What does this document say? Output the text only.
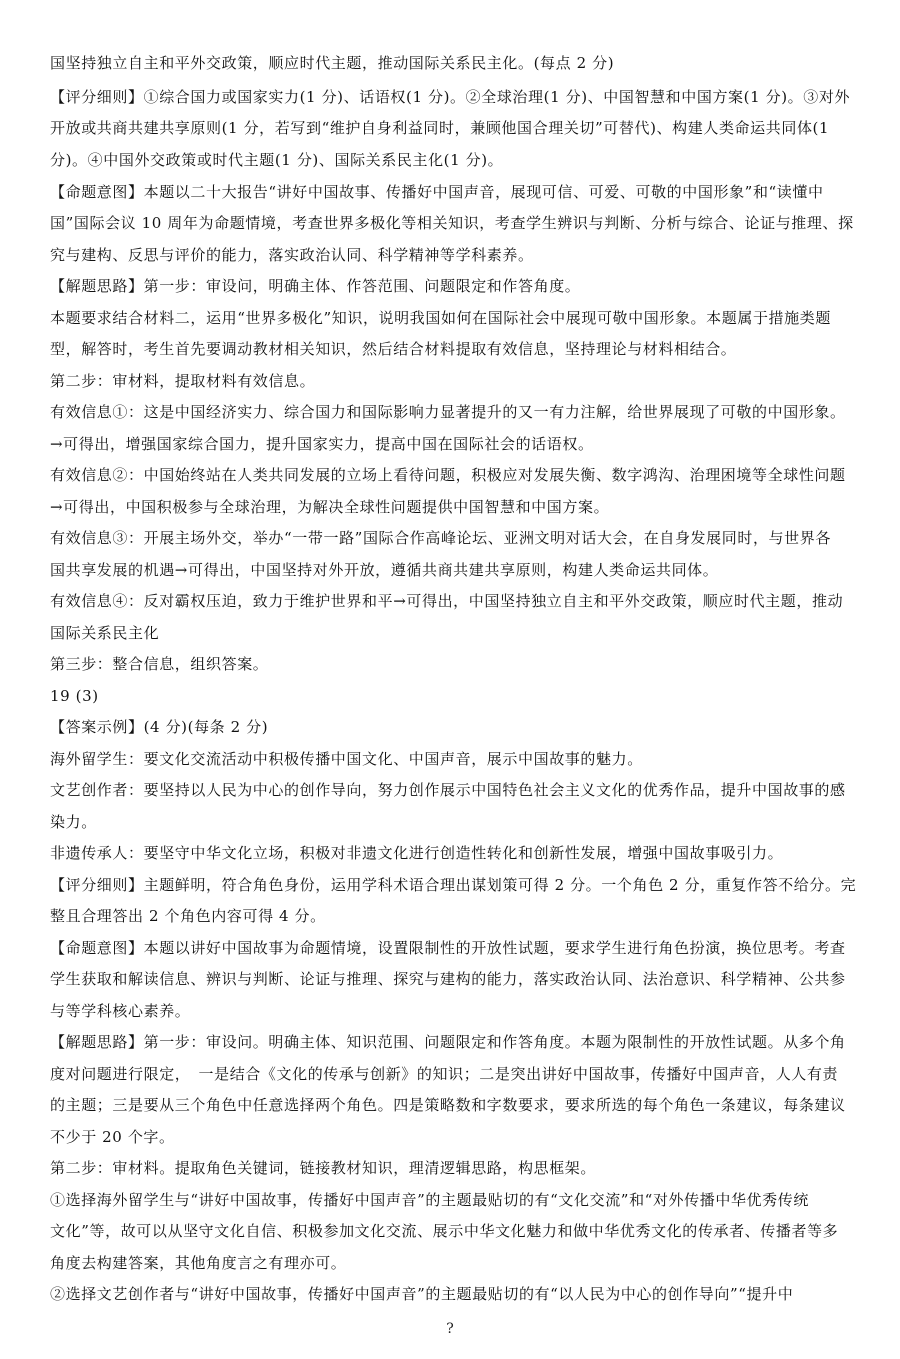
国坚持独立自主和平外交政策，顺应时代主题，推动国际关系民主化。(每点 2 分)
【评分细则】①综合国力或国家实力(1 分)、话语权(1 分)。②全球治理(1 分)、中国智慧和中国方案(1 分)。③对外
开放或共商共建共享原则(1 分，若写到“维护自身利益同时，兼顾他国合理关切”可替代)、构建人类命运共同体(1
分)。④中国外交政策或时代主题(1 分)、国际关系民主化(1 分)。
【命题意图】本题以二十大报告“讲好中国故事、传播好中国声音，展现可信、可爱、可敬的中国形象”和“读懂中
国”国际会议 10 周年为命题情境，考查世界多极化等相关知识，考查学生辨识与判断、分析与综合、论证与推理、探
究与建构、反思与评价的能力，落实政治认同、科学精神等学科素养。
【解题思路】第一步：审设问，明确主体、作答范围、问题限定和作答角度。
本题要求结合材料二，运用“世界多极化”知识，说明我国如何在国际社会中展现可敬中国形象。本题属于措施类题
型，解答时，考生首先要调动教材相关知识，然后结合材料提取有效信息，坚持理论与材料相结合。
第二步：审材料，提取材料有效信息。
有效信息①：这是中国经济实力、综合国力和国际影响力显著提升的又一有力注解，给世界展现了可敬的中国形象。
→可得出，增强国家综合国力，提升国家实力，提高中国在国际社会的话语权。
有效信息②：中国始终站在人类共同发展的立场上看待问题，积极应对发展失衡、数字鸿沟、治理困境等全球性问题
→可得出，中国积极参与全球治理，为解决全球性问题提供中国智慧和中国方案。
有效信息③：开展主场外交，举办“一带一路”国际合作高峰论坛、亚洲文明对话大会，在自身发展同时，与世界各
国共享发展的机遇→可得出，中国坚持对外开放，遵循共商共建共享原则，构建人类命运共同体。
有效信息④：反对霸权压迫，致力于维护世界和平→可得出，中国坚持独立自主和平外交政策，顺应时代主题，推动
国际关系民主化
第三步：整合信息，组织答案。
19 (3)
【答案示例】(4 分)(每条 2 分)
海外留学生：要文化交流活动中积极传播中国文化、中国声音，展示中国故事的魅力。
文艺创作者：要坚持以人民为中心的创作导向，努力创作展示中国特色社会主义文化的优秀作品，提升中国故事的感
染力。
非遗传承人：要坚守中华文化立场，积极对非遗文化进行创造性转化和创新性发展，增强中国故事吸引力。
【评分细则】主题鲜明，符合角色身份，运用学科术语合理出谋划策可得 2 分。一个角色 2 分，重复作答不给分。完
整且合理答出 2 个角色内容可得 4 分。
【命题意图】本题以讲好中国故事为命题情境，设置限制性的开放性试题，要求学生进行角色扮演，换位思考。考查
学生获取和解读信息、辨识与判断、论证与推理、探究与建构的能力，落实政治认同、法治意识、科学精神、公共参
与等学科核心素养。
【解题思路】第一步：审设问。明确主体、知识范围、问题限定和作答角度。本题为限制性的开放性试题。从多个角
度对问题进行限定，　一是结合《文化的传承与创新》的知识；二是突出讲好中国故事，传播好中国声音，人人有责
的主题；三是要从三个角色中任意选择两个角色。四是策略数和字数要求，要求所选的每个角色一条建议，每条建议
不少于 20 个字。
第二步：审材料。提取角色关键词，链接教材知识，理清逻辑思路，构思框架。
①选择海外留学生与“讲好中国故事，传播好中国声音”的主题最贴切的有“文化交流”和“对外传播中华优秀传统
文化”等，故可以从坚守文化自信、积极参加文化交流、展示中华文化魅力和做中华优秀文化的传承者、传播者等多
角度去构建答案，其他角度言之有理亦可。
②选择文艺创作者与“讲好中国故事，传播好中国声音”的主题最贴切的有“以人民为中心的创作导向”“提升中
?
